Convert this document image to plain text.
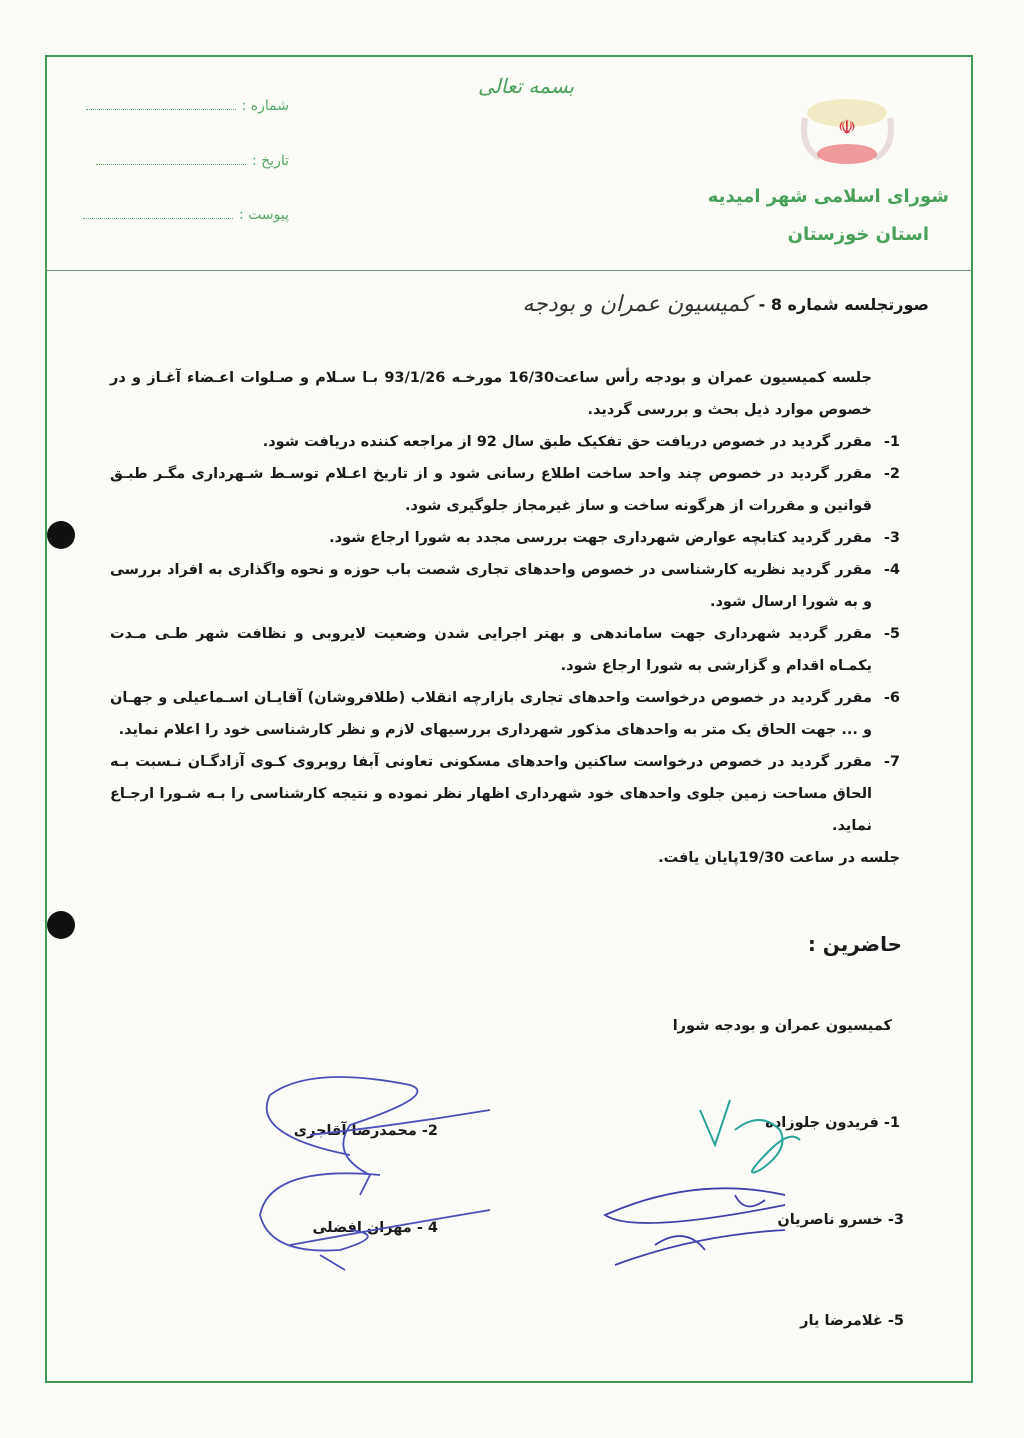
بسمه تعالی
شماره :
تاریخ :
پیوست :
☫
شورای اسلامی شهر امیدیه
استان خوزستان
صورتجلسه شماره 8 -
کمیسیون عمران و بودجه

جلسه کمیسیون عمران و بودجه رأس ساعت16/30 مورخـه 93/1/26 بـا سـلام و صـلوات اعـضاء آغـاز و در خصوص موارد ذیل بحث و بررسی گردید.

1-
مقرر گردید در خصوص دریافت حق تفکیک طبق سال 92 از مراجعه کننده دریافت شود.
2-
مقرر گردید در خصوص چند واحد ساخت اطلاع رسانی شود و از تاریخ اعـلام توسـط شـهرداری مگـر طبـق قوانین و مقررات از هرگونه ساخت و ساز غیرمجاز جلوگیری شود.
3-
مقرر گردید کتابچه عوارض شهرداری جهت بررسی مجدد به شورا ارجاع شود.
4-
مقرر گردید نظریه کارشناسی در خصوص واحدهای تجاری شصت باب حوزه و نحوه واگذاری به افراد بررسی و به شورا ارسال شود.
5-
مقرر گردید شهرداری جهت ساماندهی و بهتر اجرایی شدن وضعیت لایروبی و نظافت شهر طـی مـدت یکمـاه اقدام و گزارشی به شورا ارجاع شود.
6-
مقرر گردید در خصوص درخواست واحدهای تجاری بازارچه انقلاب (طلافروشان) آقایـان اسـماعیلی و جهـان و ... جهت الحاق یک متر به واحدهای مذکور شهرداری بررسیهای لازم و نظر کارشناسی خود را اعلام نماید.
7-
مقرر گردید در خصوص درخواست ساکنین واحدهای مسکونی تعاونی آبفا روبروی کـوی آزادگـان نـسبت بـه الحاق مساحت زمین جلوی واحدهای خود شهرداری اظهار نظر نموده و نتیجه کارشناسی را بـه شـورا ارجـاع نماید.

جلسه در ساعت 19/30پایان یافت.

حاضرین :
کمیسیون عمران و بودجه شورا
1- فریدون جلوزاده
2- محمدرضا آقاجری
3- خسرو ناصریان
4 - مهران افضلی
5- غلامرضا یار
